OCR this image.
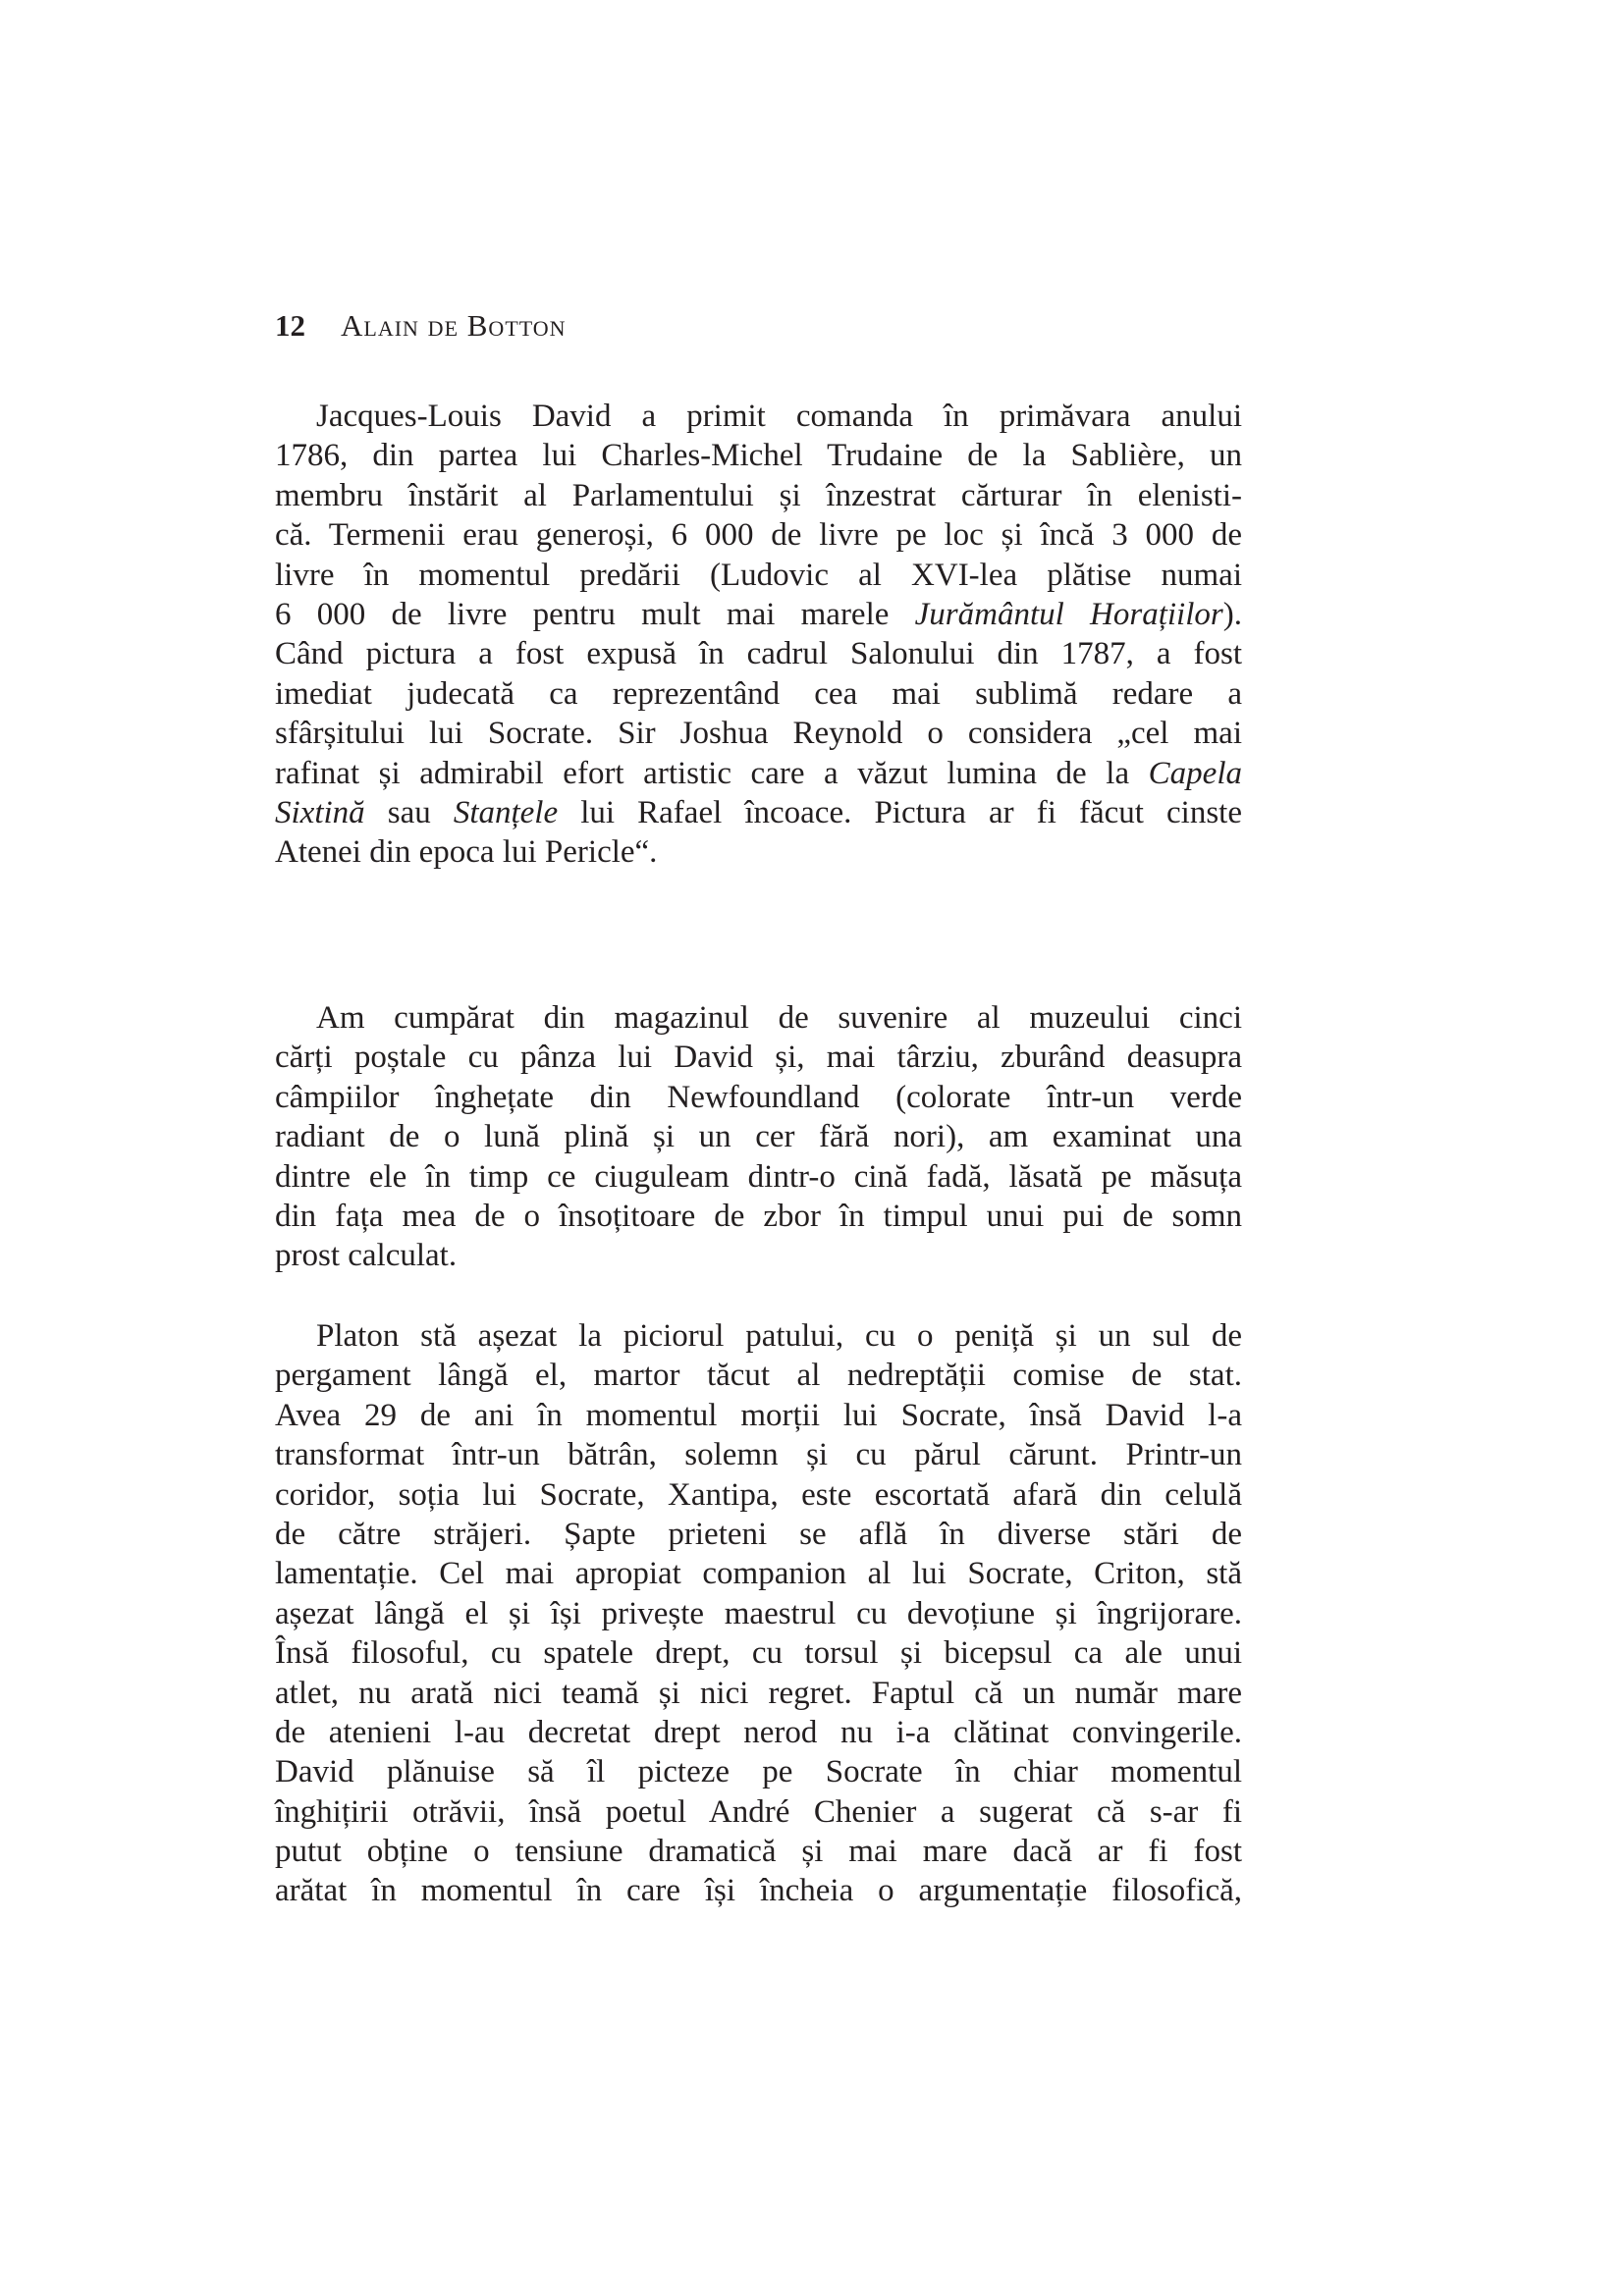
12 Alain de Botton
Jacques-Louis David a primit comanda în primăvara anului
1786, din partea lui Charles-Michel Trudaine de la Sablière, un
membru înstărit al Parlamentului și înzestrat cărturar în elenisti-
că. Termenii erau generoși, 6 000 de livre pe loc și încă 3 000 de
livre în momentul predării (Ludovic al XVI-lea plătise numai
6 000 de livre pentru mult mai marele Jurământul Horațiilor).
Când pictura a fost expusă în cadrul Salonului din 1787, a fost
imediat judecată ca reprezentând cea mai sublimă redare a
sfârșitului lui Socrate. Sir Joshua Reynold o considera „cel mai
rafinat și admirabil efort artistic care a văzut lumina de la Capela
Sixtină sau Stanțele lui Rafael încoace. Pictura ar fi făcut cinste
Atenei din epoca lui Pericle“.
Am cumpărat din magazinul de suvenire al muzeului cinci
cărți poștale cu pânza lui David și, mai târziu, zburând deasupra
câmpiilor înghețate din Newfoundland (colorate într-un verde
radiant de o lună plină și un cer fără nori), am examinat una
dintre ele în timp ce ciuguleam dintr-o cină fadă, lăsată pe măsuța
din fața mea de o însoțitoare de zbor în timpul unui pui de somn
prost calculat.
Platon stă așezat la piciorul patului, cu o peniță și un sul de
pergament lângă el, martor tăcut al nedreptății comise de stat.
Avea 29 de ani în momentul morții lui Socrate, însă David l-a
transformat într-un bătrân, solemn și cu părul cărunt. Printr-un
coridor, soția lui Socrate, Xantipa, este escortată afară din celulă
de către străjeri. Șapte prieteni se află în diverse stări de
lamentație. Cel mai apropiat companion al lui Socrate, Criton, stă
așezat lângă el și își privește maestrul cu devoțiune și îngrijorare.
Însă filosoful, cu spatele drept, cu torsul și bicepsul ca ale unui
atlet, nu arată nici teamă și nici regret. Faptul că un număr mare
de atenieni l-au decretat drept nerod nu i-a clătinat convingerile.
David plănuise să îl picteze pe Socrate în chiar momentul
înghițirii otrăvii, însă poetul André Chenier a sugerat că s-ar fi
putut obține o tensiune dramatică și mai mare dacă ar fi fost
arătat în momentul în care își încheia o argumentație filosofică,
